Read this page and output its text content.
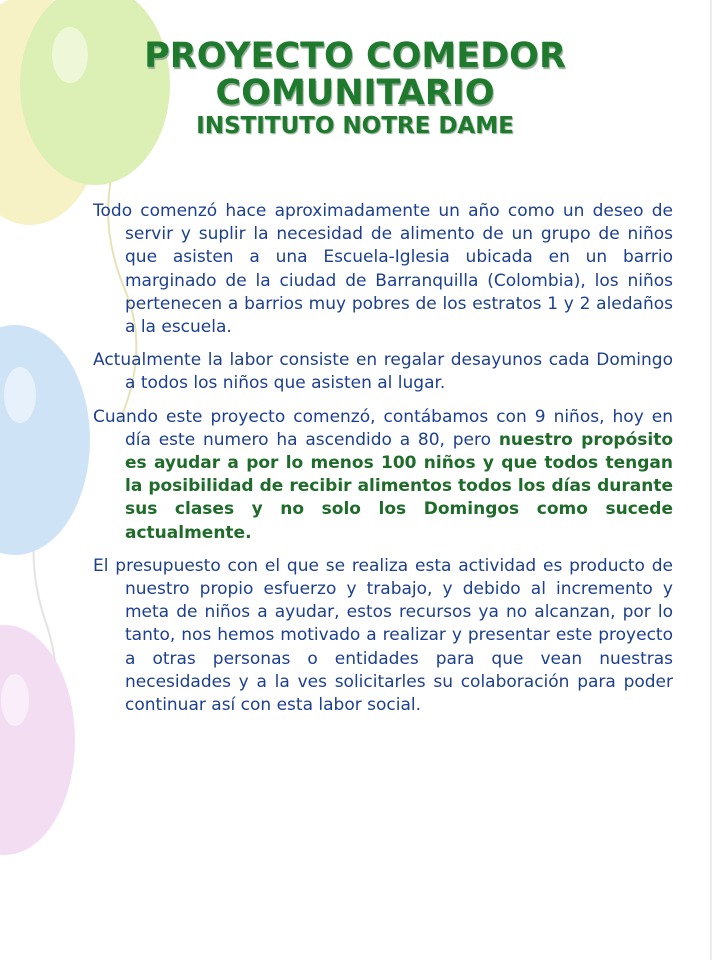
PROYECTO COMEDOR
COMUNITARIO
INSTITUTO NOTRE DAME

Todo comenzó hace aproximadamente un año como un deseo de servir y suplir la necesidad de alimento de un grupo de niños que asisten a una Escuela-Iglesia ubicada en un barrio marginado de la ciudad de Barranquilla (Colombia), los niños pertenecen a barrios muy pobres de los estratos 1 y 2 aledaños a la escuela.

Actualmente la labor consiste en regalar desayunos cada Domingo a todos los niños que asisten al lugar.

Cuando este proyecto comenzó, contábamos con 9 niños, hoy en día este numero ha ascendido a 80, pero nuestro propósito es ayudar a por lo menos 100 niños y que todos tengan la posibilidad de recibir alimentos todos los días durante sus clases y no solo los Domingos como sucede actualmente.

El presupuesto con el que se realiza esta actividad es producto de nuestro propio esfuerzo y trabajo, y debido al incremento y meta de niños a ayudar, estos recursos ya no alcanzan, por lo tanto, nos hemos motivado a realizar y presentar este proyecto a otras personas o entidades para que vean nuestras necesidades y a la ves solicitarles su colaboración para poder continuar así con esta labor social.
